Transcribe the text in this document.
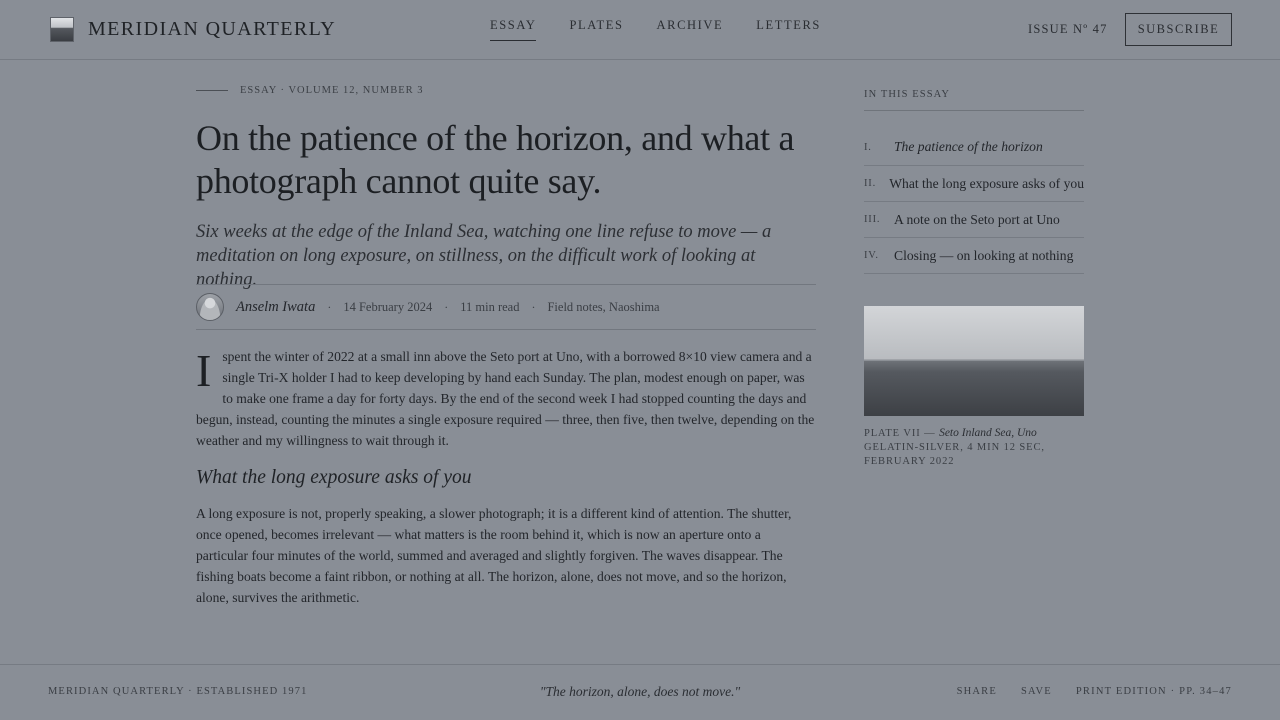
MERIDIAN QUARTERLY	ESSAY	PLATES	ARCHIVE	LETTERS	ISSUE Nº 47	SUBSCRIBE
ESSAY · VOLUME 12, NUMBER 3
On the patience of the horizon, and what a photograph cannot quite say.

Six weeks at the edge of the Inland Sea, watching one line refuse to move — a meditation on long exposure, on stillness, on the difficult work of looking at nothing.

Anselm Iwata · 14 February 2024 · 11 min read · Field notes, Naoshima
I spent the winter of 2022 at a small inn above the Seto port at Uno, with a borrowed 8×10 view camera and a single Tri-X holder I had to keep developing by hand each Sunday. The plan, modest enough on paper, was to make one frame a day for forty days. By the end of the second week I had stopped counting the days and begun, instead, counting the minutes a single exposure required — three, then five, then twelve, depending on the weather and my willingness to wait through it.
What the long exposure asks of you
A long exposure is not, properly speaking, a slower photograph; it is a different kind of attention. The shutter, once opened, becomes irrelevant — what matters is the room behind it, which is now an aperture onto a particular four minutes of the world, summed and averaged and slightly forgiven. The waves disappear. The fishing boats become a faint ribbon, or nothing at all. The horizon, alone, does not move, and so the horizon, alone, survives the arithmetic.
IN THIS ESSAY
I.	The patience of the horizon
II. What the long exposure asks of you
III.	A note on the Seto port at Uno
IV.	Closing — on looking at nothing
PLATE VII — Seto Inland Sea, Uno
GELATIN-SILVER, 4 MIN 12 SEC, FEBRUARY 2022
MERIDIAN QUARTERLY · ESTABLISHED 1971	"The horizon, alone, does not move."	SHARE SAVE PRINT EDITION · PP. 34–47
